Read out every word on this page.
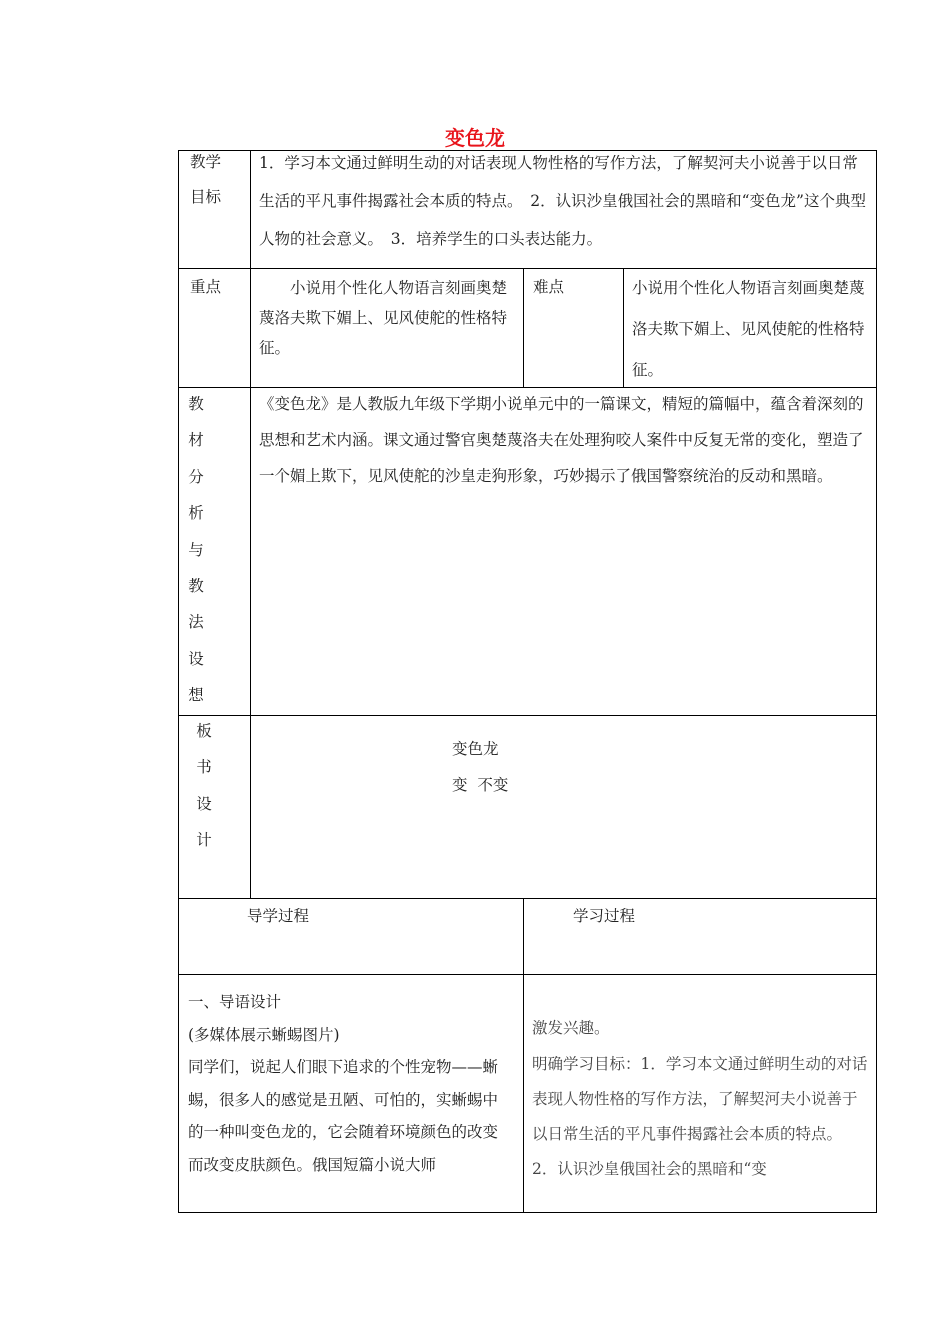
变色龙
教学
目标
1．学习本文通过鲜明生动的对话表现人物性格的写作方法，了解契河夫小说善于以日常生活的平凡事件揭露社会本质的特点。　2．认识沙皇俄国社会的黑暗和“变色龙”这个典型人物的社会意义。　3．培养学生的口头表达能力。
重点 　　小说用个性化人物语言刻画奥楚蔑洛夫欺下媚上、见风使舵的性格特征。
难点	小说用个性化人物语言刻画奥楚蔑洛夫欺下媚上、见风使舵的性格特征。
教
材
分
析
与
教
法
设
想
《变色龙》是人教版九年级下学期小说单元中的一篇课文，精短的篇幅中，蕴含着深刻的思想和艺术内涵。课文通过警官奥楚蔑洛夫在处理狗咬人案件中反复无常的变化，塑造了一个媚上欺下，见风使舵的沙皇走狗形象，巧妙揭示了俄国警察统治的反动和黑暗。
板
书
设
计
变色龙
变  不变
导学过程	学习过程
一、导语设计
(多媒体展示蜥蜴图片)
同学们，说起人们眼下追求的个性宠物——蜥蜴，很多人的感觉是丑陋、可怕的，实蜥蜴中的一种叫变色龙的，它会随着环境颜色的改变而改变皮肤颜色。俄国短篇小说大师
激发兴趣。
明确学习目标：1．学习本文通过鲜明生动的对话表现人物性格的写作方法，了解契河夫小说善于以日常生活的平凡事件揭露社会本质的特点。　2．认识沙皇俄国社会的黑暗和“变
